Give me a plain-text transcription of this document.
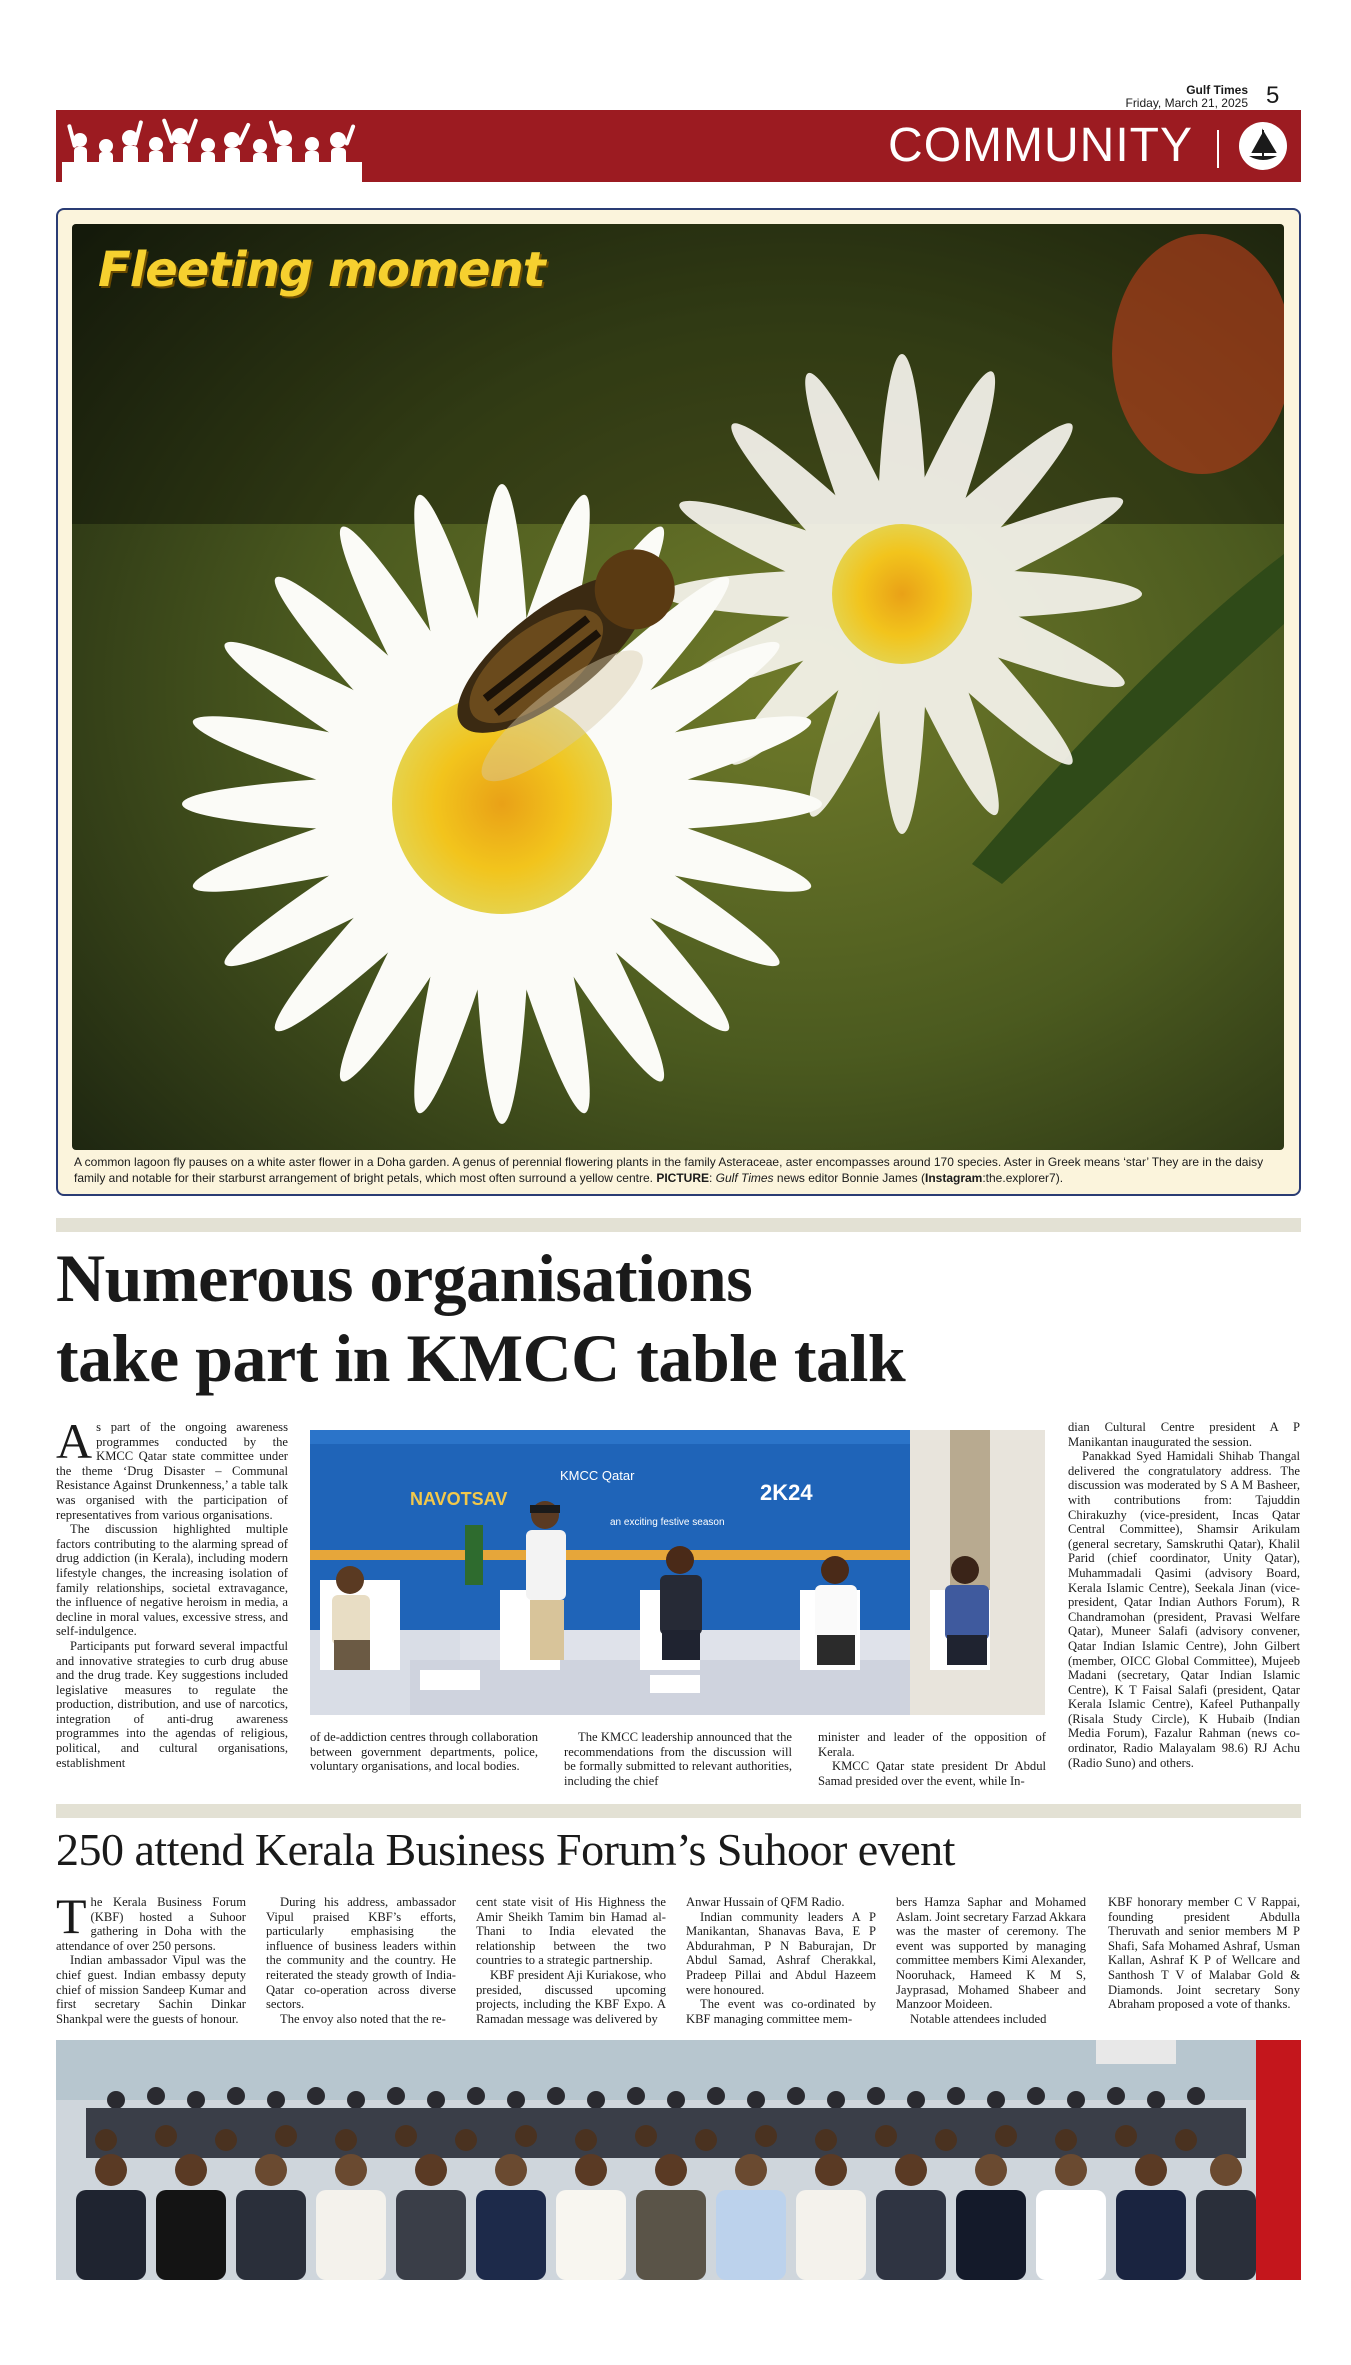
Gulf Times
Friday, March 21, 2025 5
COMMUNITY
Fleeting moment
A common lagoon fly pauses on a white aster flower in a Doha garden. A genus of perennial flowering plants in the family Asteraceae, aster encompasses around 170 species. Aster in Greek means ‘star’ They are in the daisy family and notable for their starburst arrangement of bright petals, which most often surround a yellow centre. PICTURE: Gulf Times news editor Bonnie James (Instagram:the.explorer7).
Numerous organisations
take part in KMCC table talk

As part of the ongoing awareness programmes conducted by the KMCC Qatar state committee under the theme ‘Drug Disaster – Communal Resistance Against Drunkenness,’ a table talk was organised with the participation of representatives from various organisations.

The discussion highlighted multiple factors contributing to the alarming spread of drug addiction (in Kerala), including modern lifestyle changes, the increasing isolation of family relationships, societal extravagance, the influence of negative heroism in media, a decline in moral values, excessive stress, and self-indulgence.

Participants put forward several impactful and innovative strategies to curb drug abuse and the drug trade. Key suggestions included legislative measures to regulate the production, distribution, and use of narcotics, integration of anti-drug awareness programmes into the agendas of religious, political, and cultural organisations, establishment

KMCC Qatar
NAVOTSAV	2K24
an exciting festive season

of de-addiction centres through collaboration between government departments, police, voluntary organisations, and local bodies.

The KMCC leadership announced that the recommendations from the discussion will be formally submitted to relevant authorities, including the chief

minister and leader of the opposition of Kerala.

KMCC Qatar state president Dr Abdul Samad presided over the event, while In-

dian Cultural Centre president A P Manikantan inaugurated the session.

Panakkad Syed Hamidali Shihab Thangal delivered the congratulatory address. The discussion was moderated by S A M Basheer, with contributions from: Tajuddin Chirakuzhy (vice-president, Incas Qatar Central Committee), Shamsir Arikulam (general secretary, Samskruthi Qatar), Khalil Parid (chief coordinator, Unity Qatar), Muhammadali Qasimi (advisory Board, Kerala Islamic Centre), Seekala Jinan (vice-president, Qatar Indian Authors Forum), R Chandramohan (president, Pravasi Welfare Qatar), Muneer Salafi (advisory convener, Qatar Indian Islamic Centre), John Gilbert (member, OICC Global Committee), Mujeeb Madani (secretary, Qatar Indian Islamic Centre), K T Faisal Salafi (president, Qatar Kerala Islamic Centre), Kafeel Puthanpally (Risala Study Circle), K Hubaib (Indian Media Forum), Fazalur Rahman (news co-ordinator, Radio Malayalam 98.6) RJ Achu (Radio Suno) and others.

250 attend Kerala Business Forum’s Suhoor event

The Kerala Business Forum (KBF) hosted a Suhoor gathering in Doha with the attendance of over 250 persons.

Indian ambassador Vipul was the chief guest. Indian embassy deputy chief of mission Sandeep Kumar and first secretary Sachin Dinkar Shankpal were the guests of honour.

During his address, ambassador Vipul praised KBF’s efforts, particularly emphasising the influence of business leaders within the community and the country. He reiterated the steady growth of India-Qatar co-operation across diverse sectors.

The envoy also noted that the re-

cent state visit of His Highness the Amir Sheikh Tamim bin Hamad al-Thani to India elevated the relationship between the two countries to a strategic partnership.

KBF president Aji Kuriakose, who presided, discussed upcoming projects, including the KBF Expo. A Ramadan message was delivered by

Anwar Hussain of QFM Radio.

Indian community leaders A P Manikantan, Shanavas Bava, E P Abdurahman, P N Baburajan, Dr Abdul Samad, Ashraf Cherakkal, Pradeep Pillai and Abdul Hazeem were honoured.

The event was co-ordinated by KBF managing committee mem-

bers Hamza Saphar and Mohamed Aslam. Joint secretary Farzad Akkara was the master of ceremony. The event was supported by managing committee members Kimi Alexander, Nooruhack, Hameed K M S, Jayprasad, Mohamed Shabeer and Manzoor Moideen.

Notable attendees included

KBF honorary member C V Rappai, founding president Abdulla Theruvath and senior members M P Shafi, Safa Mohamed Ashraf, Usman Kallan, Ashraf K P of Wellcare and Santhosh T V of Malabar Gold & Diamonds. Joint secretary Sony Abraham proposed a vote of thanks.
